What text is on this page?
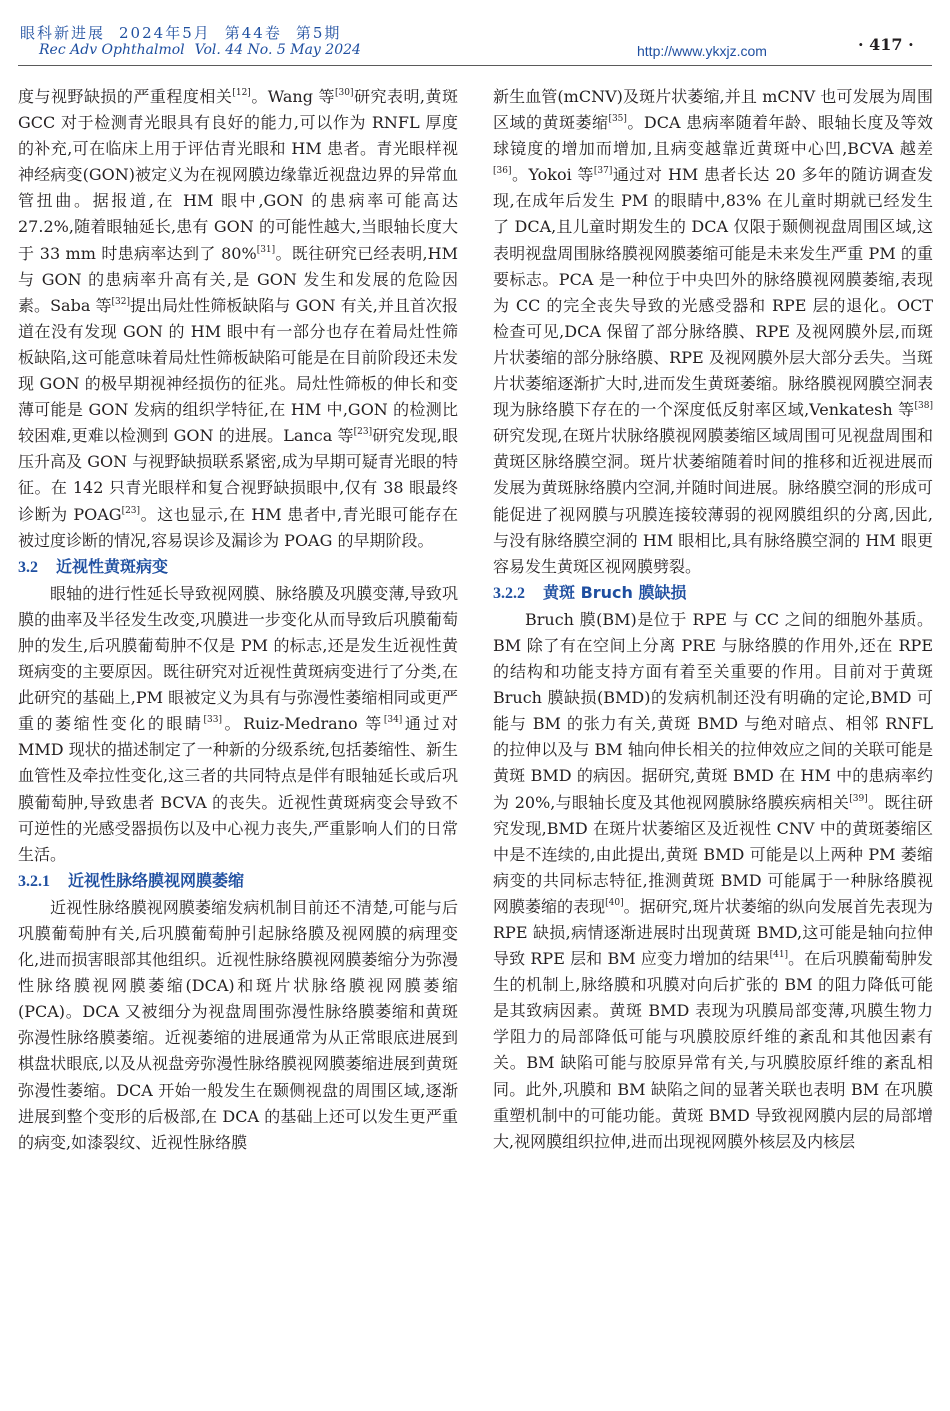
眼科新进展 2024年5月 第44卷 第5期
Rec Adv Ophthalmol Vol. 44 No. 5 May 2024	http://www.ykxjz.com	· 417 ·

度与视野缺损的严重程度相关[12]。Wang 等[30]研究表明,黄斑 GCC 对于检测青光眼具有良好的能力,可以作为 RNFL 厚度的补充,可在临床上用于评估青光眼和 HM 患者。青光眼样视神经病变(GON)被定义为在视网膜边缘靠近视盘边界的异常血管扭曲。据报道,在 HM 眼中,GON 的患病率可能高达 27.2%,随着眼轴延长,患有 GON 的可能性越大,当眼轴长度大于 33 mm 时患病率达到了 80%[31]。既往研究已经表明,HM 与 GON 的患病率升高有关,是 GON 发生和发展的危险因素。Saba 等[32]提出局灶性筛板缺陷与 GON 有关,并且首次报道在没有发现 GON 的 HM 眼中有一部分也存在着局灶性筛板缺陷,这可能意味着局灶性筛板缺陷可能是在目前阶段还未发现 GON 的极早期视神经损伤的征兆。局灶性筛板的伸长和变薄可能是 GON 发病的组织学特征,在 HM 中,GON 的检测比较困难,更难以检测到 GON 的进展。Lanca 等[23]研究发现,眼压升高及 GON 与视野缺损联系紧密,成为早期可疑青光眼的特征。在 142 只青光眼样和复合视野缺损眼中,仅有 38 眼最终诊断为 POAG[23]。这也显示,在 HM 患者中,青光眼可能存在被过度诊断的情况,容易误诊及漏诊为 POAG 的早期阶段。

3.2 近视性黄斑病变

眼轴的进行性延长导致视网膜、脉络膜及巩膜变薄,导致巩膜的曲率及半径发生改变,巩膜进一步变化从而导致后巩膜葡萄肿的发生,后巩膜葡萄肿不仅是 PM 的标志,还是发生近视性黄斑病变的主要原因。既往研究对近视性黄斑病变进行了分类,在此研究的基础上,PM 眼被定义为具有与弥漫性萎缩相同或更严重的萎缩性变化的眼睛[33]。Ruiz-Medrano 等[34]通过对 MMD 现状的描述制定了一种新的分级系统,包括萎缩性、新生血管性及牵拉性变化,这三者的共同特点是伴有眼轴延长或后巩膜葡萄肿,导致患者 BCVA 的丧失。近视性黄斑病变会导致不可逆性的光感受器损伤以及中心视力丧失,严重影响人们的日常生活。

3.2.1 近视性脉络膜视网膜萎缩

近视性脉络膜视网膜萎缩发病机制目前还不清楚,可能与后巩膜葡萄肿有关,后巩膜葡萄肿引起脉络膜及视网膜的病理变化,进而损害眼部其他组织。近视性脉络膜视网膜萎缩分为弥漫性脉络膜视网膜萎缩(DCA)和斑片状脉络膜视网膜萎缩(PCA)。DCA 又被细分为视盘周围弥漫性脉络膜萎缩和黄斑弥漫性脉络膜萎缩。近视萎缩的进展通常为从正常眼底进展到棋盘状眼底,以及从视盘旁弥漫性脉络膜视网膜萎缩进展到黄斑弥漫性萎缩。DCA 开始一般发生在颞侧视盘的周围区域,逐渐进展到整个变形的后极部,在 DCA 的基础上还可以发生更严重的病变,如漆裂纹、近视性脉络膜

新生血管(mCNV)及斑片状萎缩,并且 mCNV 也可发展为周围区域的黄斑萎缩[35]。DCA 患病率随着年龄、眼轴长度及等效球镜度的增加而增加,且病变越靠近黄斑中心凹,BCVA 越差[36]。Yokoi 等[37]通过对 HM 患者长达 20 多年的随访调查发现,在成年后发生 PM 的眼睛中,83% 在儿童时期就已经发生了 DCA,且儿童时期发生的 DCA 仅限于颞侧视盘周围区域,这表明视盘周围脉络膜视网膜萎缩可能是未来发生严重 PM 的重要标志。PCA 是一种位于中央凹外的脉络膜视网膜萎缩,表现为 CC 的完全丧失导致的光感受器和 RPE 层的退化。OCT 检查可见,DCA 保留了部分脉络膜、RPE 及视网膜外层,而斑片状萎缩的部分脉络膜、RPE 及视网膜外层大部分丢失。当斑片状萎缩逐渐扩大时,进而发生黄斑萎缩。脉络膜视网膜空洞表现为脉络膜下存在的一个深度低反射率区域,Venkatesh 等[38]研究发现,在斑片状脉络膜视网膜萎缩区域周围可见视盘周围和黄斑区脉络膜空洞。斑片状萎缩随着时间的推移和近视进展而发展为黄斑脉络膜内空洞,并随时间进展。脉络膜空洞的形成可能促进了视网膜与巩膜连接较薄弱的视网膜组织的分离,因此,与没有脉络膜空洞的 HM 眼相比,具有脉络膜空洞的 HM 眼更容易发生黄斑区视网膜劈裂。

3.2.2 黄斑 Bruch 膜缺损

Bruch 膜(BM)是位于 RPE 与 CC 之间的细胞外基质。BM 除了有在空间上分离 PRE 与脉络膜的作用外,还在 RPE 的结构和功能支持方面有着至关重要的作用。目前对于黄斑 Bruch 膜缺损(BMD)的发病机制还没有明确的定论,BMD 可能与 BM 的张力有关,黄斑 BMD 与绝对暗点、相邻 RNFL 的拉伸以及与 BM 轴向伸长相关的拉伸效应之间的关联可能是黄斑 BMD 的病因。据研究,黄斑 BMD 在 HM 中的患病率约为 20%,与眼轴长度及其他视网膜脉络膜疾病相关[39]。既往研究发现,BMD 在斑片状萎缩区及近视性 CNV 中的黄斑萎缩区中是不连续的,由此提出,黄斑 BMD 可能是以上两种 PM 萎缩病变的共同标志特征,推测黄斑 BMD 可能属于一种脉络膜视网膜萎缩的表现[40]。据研究,斑片状萎缩的纵向发展首先表现为 RPE 缺损,病情逐渐进展时出现黄斑 BMD,这可能是轴向拉伸导致 RPE 层和 BM 应变力增加的结果[41]。在后巩膜葡萄肿发生的机制上,脉络膜和巩膜对向后扩张的 BM 的阻力降低可能是其致病因素。黄斑 BMD 表现为巩膜局部变薄,巩膜生物力学阻力的局部降低可能与巩膜胶原纤维的紊乱和其他因素有关。BM 缺陷可能与胶原异常有关,与巩膜胶原纤维的紊乱相同。此外,巩膜和 BM 缺陷之间的显著关联也表明 BM 在巩膜重塑机制中的可能功能。黄斑 BMD 导致视网膜内层的局部增大,视网膜组织拉伸,进而出现视网膜外核层及内核层
